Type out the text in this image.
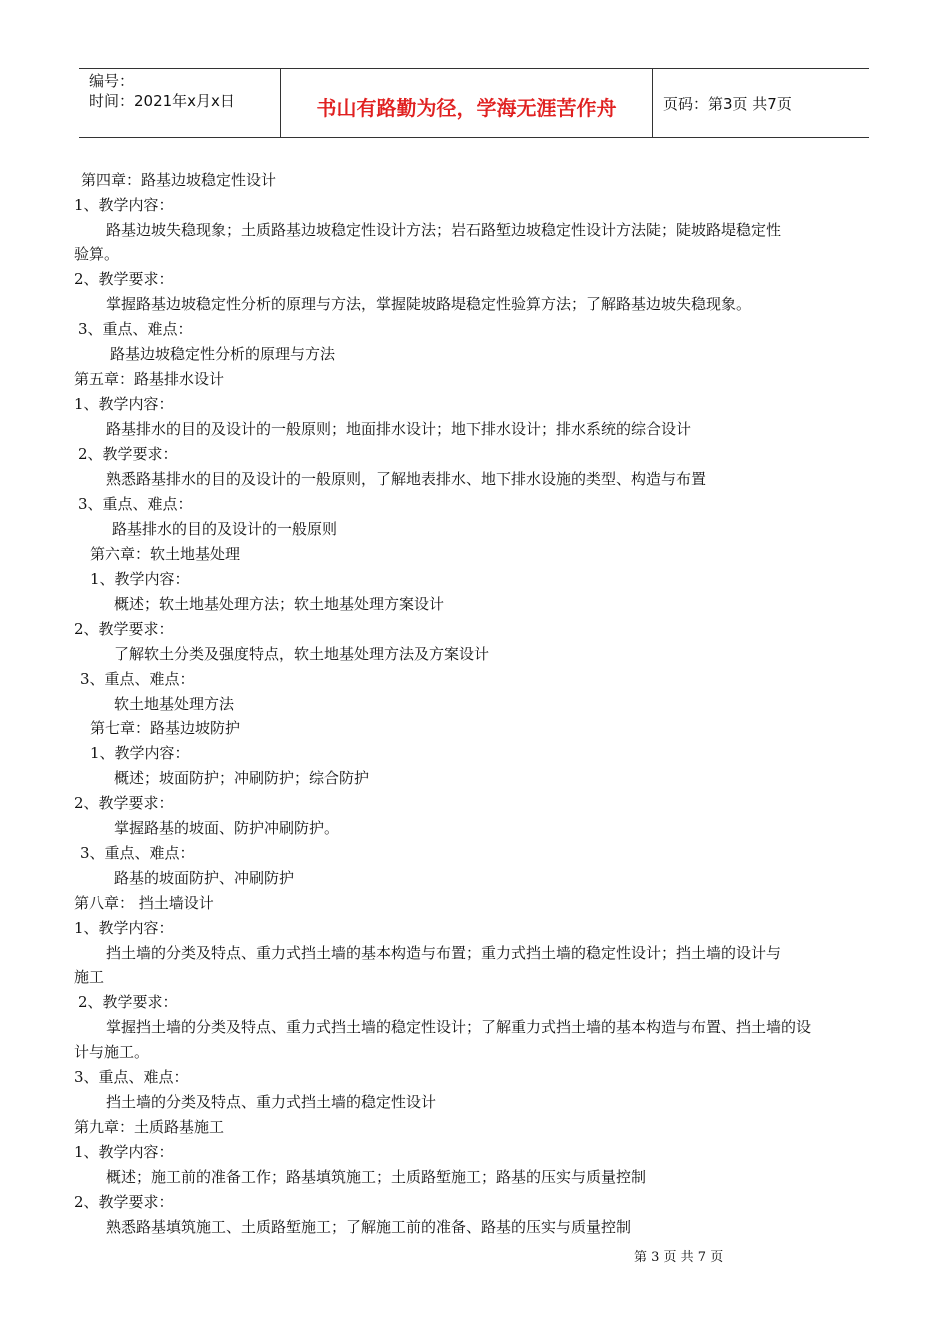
编号：
时间：2021年x月x日	书山有路勤为径，学海无涯苦作舟	页码：第3页 共7页
第四章：路基边坡稳定性设计
1、教学内容：
路基边坡失稳现象；土质路基边坡稳定性设计方法；岩石路堑边坡稳定性设计方法陡；陡坡路堤稳定性
验算。
2、教学要求：
掌握路基边坡稳定性分析的原理与方法，掌握陡坡路堤稳定性验算方法；了解路基边坡失稳现象。
3、重点、难点：
路基边坡稳定性分析的原理与方法
第五章：路基排水设计
1、教学内容：
路基排水的目的及设计的一般原则；地面排水设计；地下排水设计；排水系统的综合设计
2、教学要求：
熟悉路基排水的目的及设计的一般原则，了解地表排水、地下排水设施的类型、构造与布置
3、重点、难点：
路基排水的目的及设计的一般原则
第六章：软土地基处理
1、教学内容：
概述；软土地基处理方法；软土地基处理方案设计
2、教学要求：
了解软土分类及强度特点，软土地基处理方法及方案设计
3、重点、难点：
软土地基处理方法
第七章：路基边坡防护
1、教学内容：
概述；坡面防护；冲刷防护；综合防护
2、教学要求：
掌握路基的坡面、防护冲刷防护。
3、重点、难点：
路基的坡面防护、冲刷防护
第八章： 挡土墙设计
1、教学内容：
挡土墙的分类及特点、重力式挡土墙的基本构造与布置；重力式挡土墙的稳定性设计；挡土墙的设计与
施工
2、教学要求：
掌握挡土墙的分类及特点、重力式挡土墙的稳定性设计；了解重力式挡土墙的基本构造与布置、挡土墙的设
计与施工。
3、重点、难点：
挡土墙的分类及特点、重力式挡土墙的稳定性设计
第九章：土质路基施工
1、教学内容：
概述；施工前的准备工作；路基填筑施工；土质路堑施工；路基的压实与质量控制
2、教学要求：
熟悉路基填筑施工、土质路堑施工；了解施工前的准备、路基的压实与质量控制
第 3 页 共 7 页
